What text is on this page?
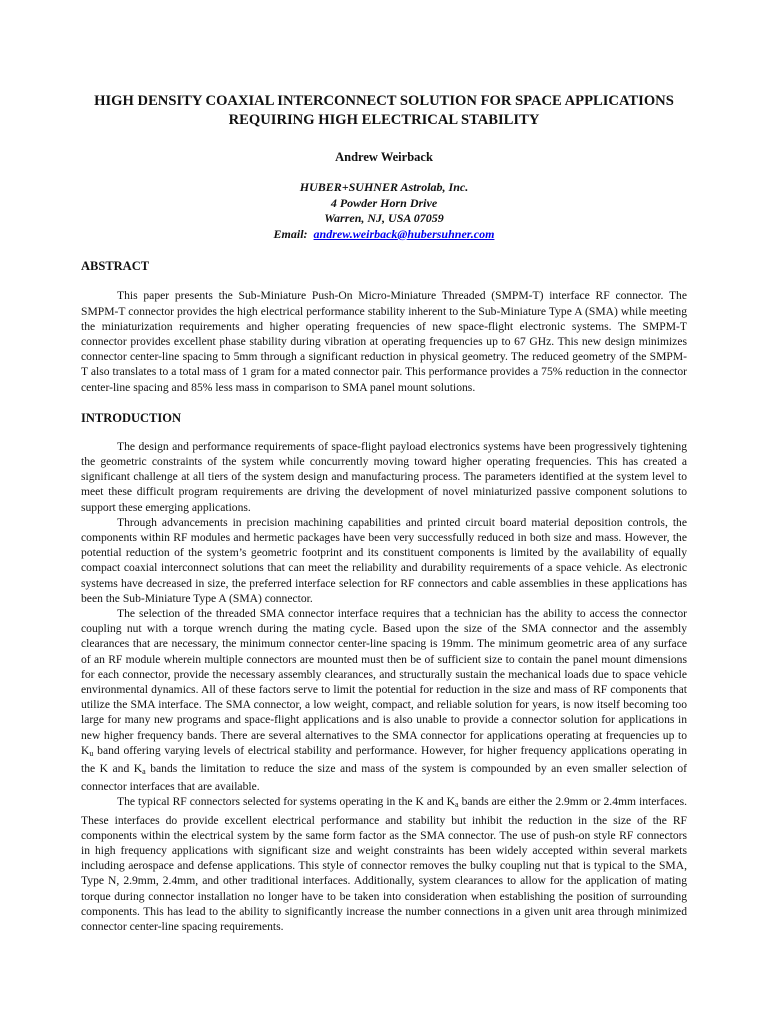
HIGH DENSITY COAXIAL INTERCONNECT SOLUTION FOR SPACE APPLICATIONS
REQUIRING HIGH ELECTRICAL STABILITY
Andrew Weirback
HUBER+SUHNER Astrolab, Inc.
4 Powder Horn Drive
Warren, NJ, USA 07059
Email: andrew.weirback@hubersuhner.com
ABSTRACT

This paper presents the Sub-Miniature Push-On Micro-Miniature Threaded (SMPM-T) interface RF connector. The SMPM-T connector provides the high electrical performance stability inherent to the Sub-Miniature Type A (SMA) while meeting the miniaturization requirements and higher operating frequencies of new space-flight electronic systems. The SMPM-T connector provides excellent phase stability during vibration at operating frequencies up to 67 GHz. This new design minimizes connector center-line spacing to 5mm through a significant reduction in physical geometry. The reduced geometry of the SMPM-T also translates to a total mass of 1 gram for a mated connector pair. This performance provides a 75% reduction in the connector center-line spacing and 85% less mass in comparison to SMA panel mount solutions.

INTRODUCTION

The design and performance requirements of space-flight payload electronics systems have been progressively tightening the geometric constraints of the system while concurrently moving toward higher operating frequencies. This has created a significant challenge at all tiers of the system design and manufacturing process. The parameters identified at the system level to meet these difficult program requirements are driving the development of novel miniaturized passive component solutions to support these emerging applications.

Through advancements in precision machining capabilities and printed circuit board material deposition controls, the components within RF modules and hermetic packages have been very successfully reduced in both size and mass. However, the potential reduction of the system’s geometric footprint and its constituent components is limited by the availability of equally compact coaxial interconnect solutions that can meet the reliability and durability requirements of a space vehicle. As electronic systems have decreased in size, the preferred interface selection for RF connectors and cable assemblies in these applications has been the Sub-Miniature Type A (SMA) connector.

The selection of the threaded SMA connector interface requires that a technician has the ability to access the connector coupling nut with a torque wrench during the mating cycle. Based upon the size of the SMA connector and the assembly clearances that are necessary, the minimum connector center-line spacing is 19mm. The minimum geometric area of any surface of an RF module wherein multiple connectors are mounted must then be of sufficient size to contain the panel mount dimensions for each connector, provide the necessary assembly clearances, and structurally sustain the mechanical loads due to space vehicle environmental dynamics. All of these factors serve to limit the potential for reduction in the size and mass of RF components that utilize the SMA interface. The SMA connector, a low weight, compact, and reliable solution for years, is now itself becoming too large for many new programs and space-flight applications and is also unable to provide a connector solution for applications in new higher frequency bands. There are several alternatives to the SMA connector for applications operating at frequencies up to $K_u$ band offering varying levels of electrical stability and performance. However, for higher frequency applications operating in the K and $K_a$ bands the limitation to reduce the size and mass of the system is compounded by an even smaller selection of connector interfaces that are available.

The typical RF connectors selected for systems operating in the K and $K_a$ bands are either the 2.9mm or 2.4mm interfaces. These interfaces do provide excellent electrical performance and stability but inhibit the reduction in the size of the RF components within the electrical system by the same form factor as the SMA connector. The use of push-on style RF connectors in high frequency applications with significant size and weight constraints has been widely accepted within several markets including aerospace and defense applications. This style of connector removes the bulky coupling nut that is typical to the SMA, Type N, 2.9mm, 2.4mm, and other traditional interfaces. Additionally, system clearances to allow for the application of mating torque during connector installation no longer have to be taken into consideration when establishing the position of surrounding components. This has lead to the ability to significantly increase the number connections in a given unit area through minimized connector center-line spacing requirements.
